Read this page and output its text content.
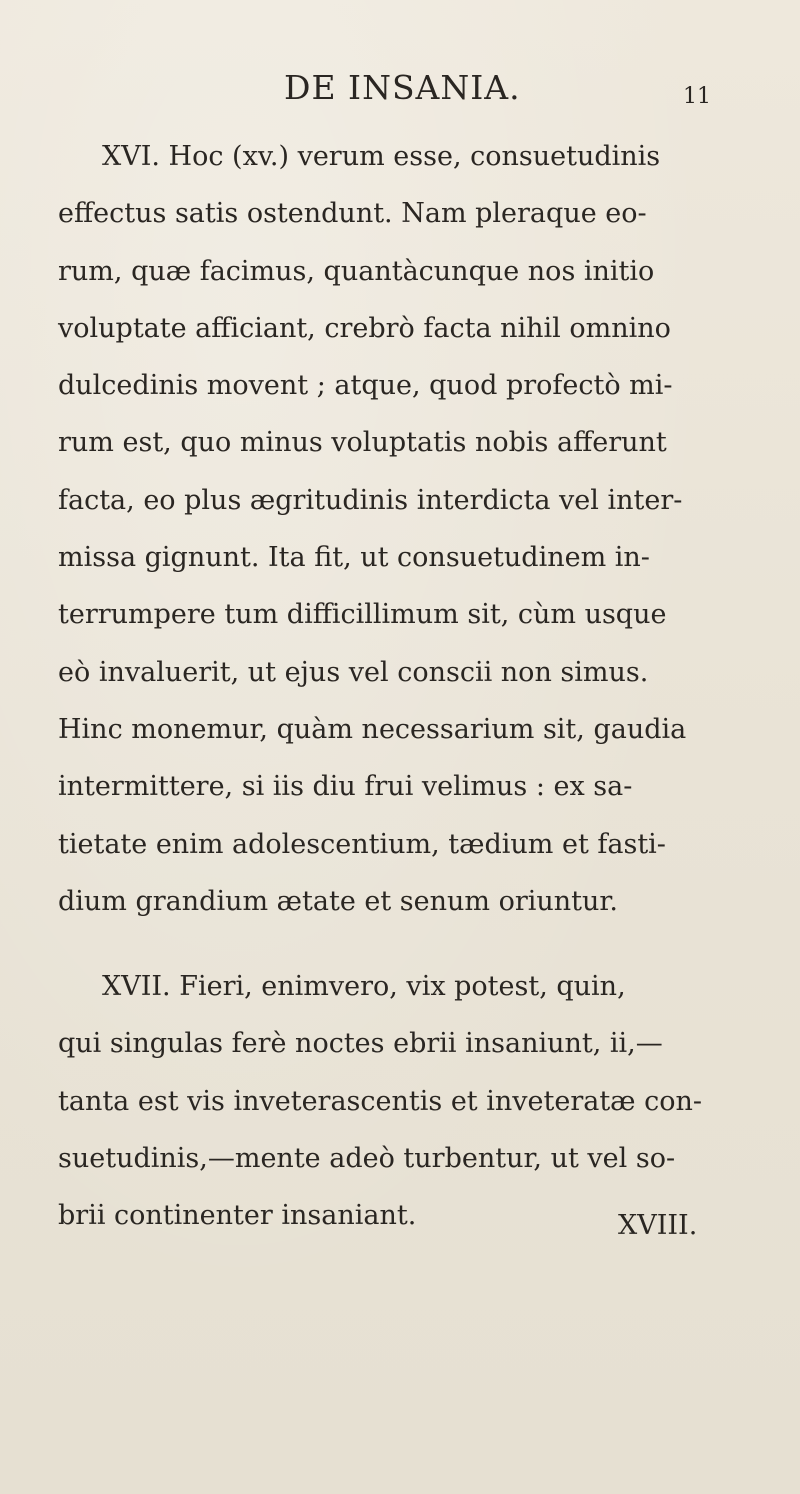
DE INSANIA.	11
XVI. Hoc (xv.) verum esse, consuetudinis
effectus satis ostendunt. Nam pleraque eo-
rum, quæ facimus, quantàcunque nos initio
voluptate afficiant, crebrò facta nihil omnino
dulcedinis movent ; atque, quod profectò mi-
rum est, quo minus voluptatis nobis afferunt
facta, eo plus ægritudinis interdicta vel inter-
missa gignunt. Ita fit, ut consuetudinem in-
terrumpere tum difficillimum sit, cùm usque
eò invaluerit, ut ejus vel conscii non simus.
Hinc monemur, quàm necessarium sit, gaudia
intermittere, si iis diu frui velimus : ex sa-
tietate enim adolescentium, tædium et fasti-
dium grandium ætate et senum oriuntur.
XVII. Fieri, enimvero, vix potest, quin,
qui singulas ferè noctes ebrii insaniunt, ii,—
tanta est vis inveterascentis et inveteratæ con-
suetudinis,—mente adeò turbentur, ut vel so-
brii continenter insaniant.	XVIII.
